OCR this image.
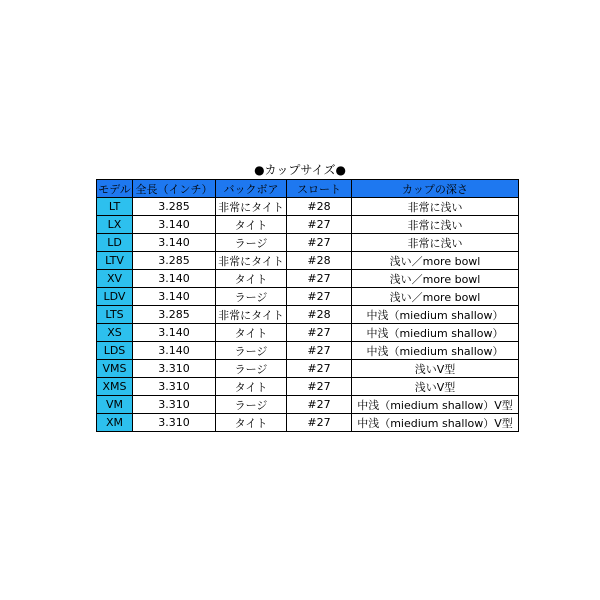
●カップサイズ●
モデル	全長（インチ）	バックボア	スロート	カップの深さ
LT	3.285	非常にタイト	#28	非常に浅い
LX	3.140	タイト	#27	非常に浅い
LD	3.140	ラージ	#27	非常に浅い
LTV	3.285	非常にタイト	#28	浅い／more bowl
XV	3.140	タイト	#27	浅い／more bowl
LDV	3.140	ラージ	#27	浅い／more bowl
LTS	3.285	非常にタイト	#28	中浅（miedium shallow）
XS	3.140	タイト	#27	中浅（miedium shallow）
LDS	3.140	ラージ	#27	中浅（miedium shallow）
VMS	3.310	ラージ	#27	浅いV型
XMS	3.310	タイト	#27	浅いV型
VM	3.310	ラージ	#27	中浅（miedium shallow）V型
XM	3.310	タイト	#27	中浅（miedium shallow）V型
